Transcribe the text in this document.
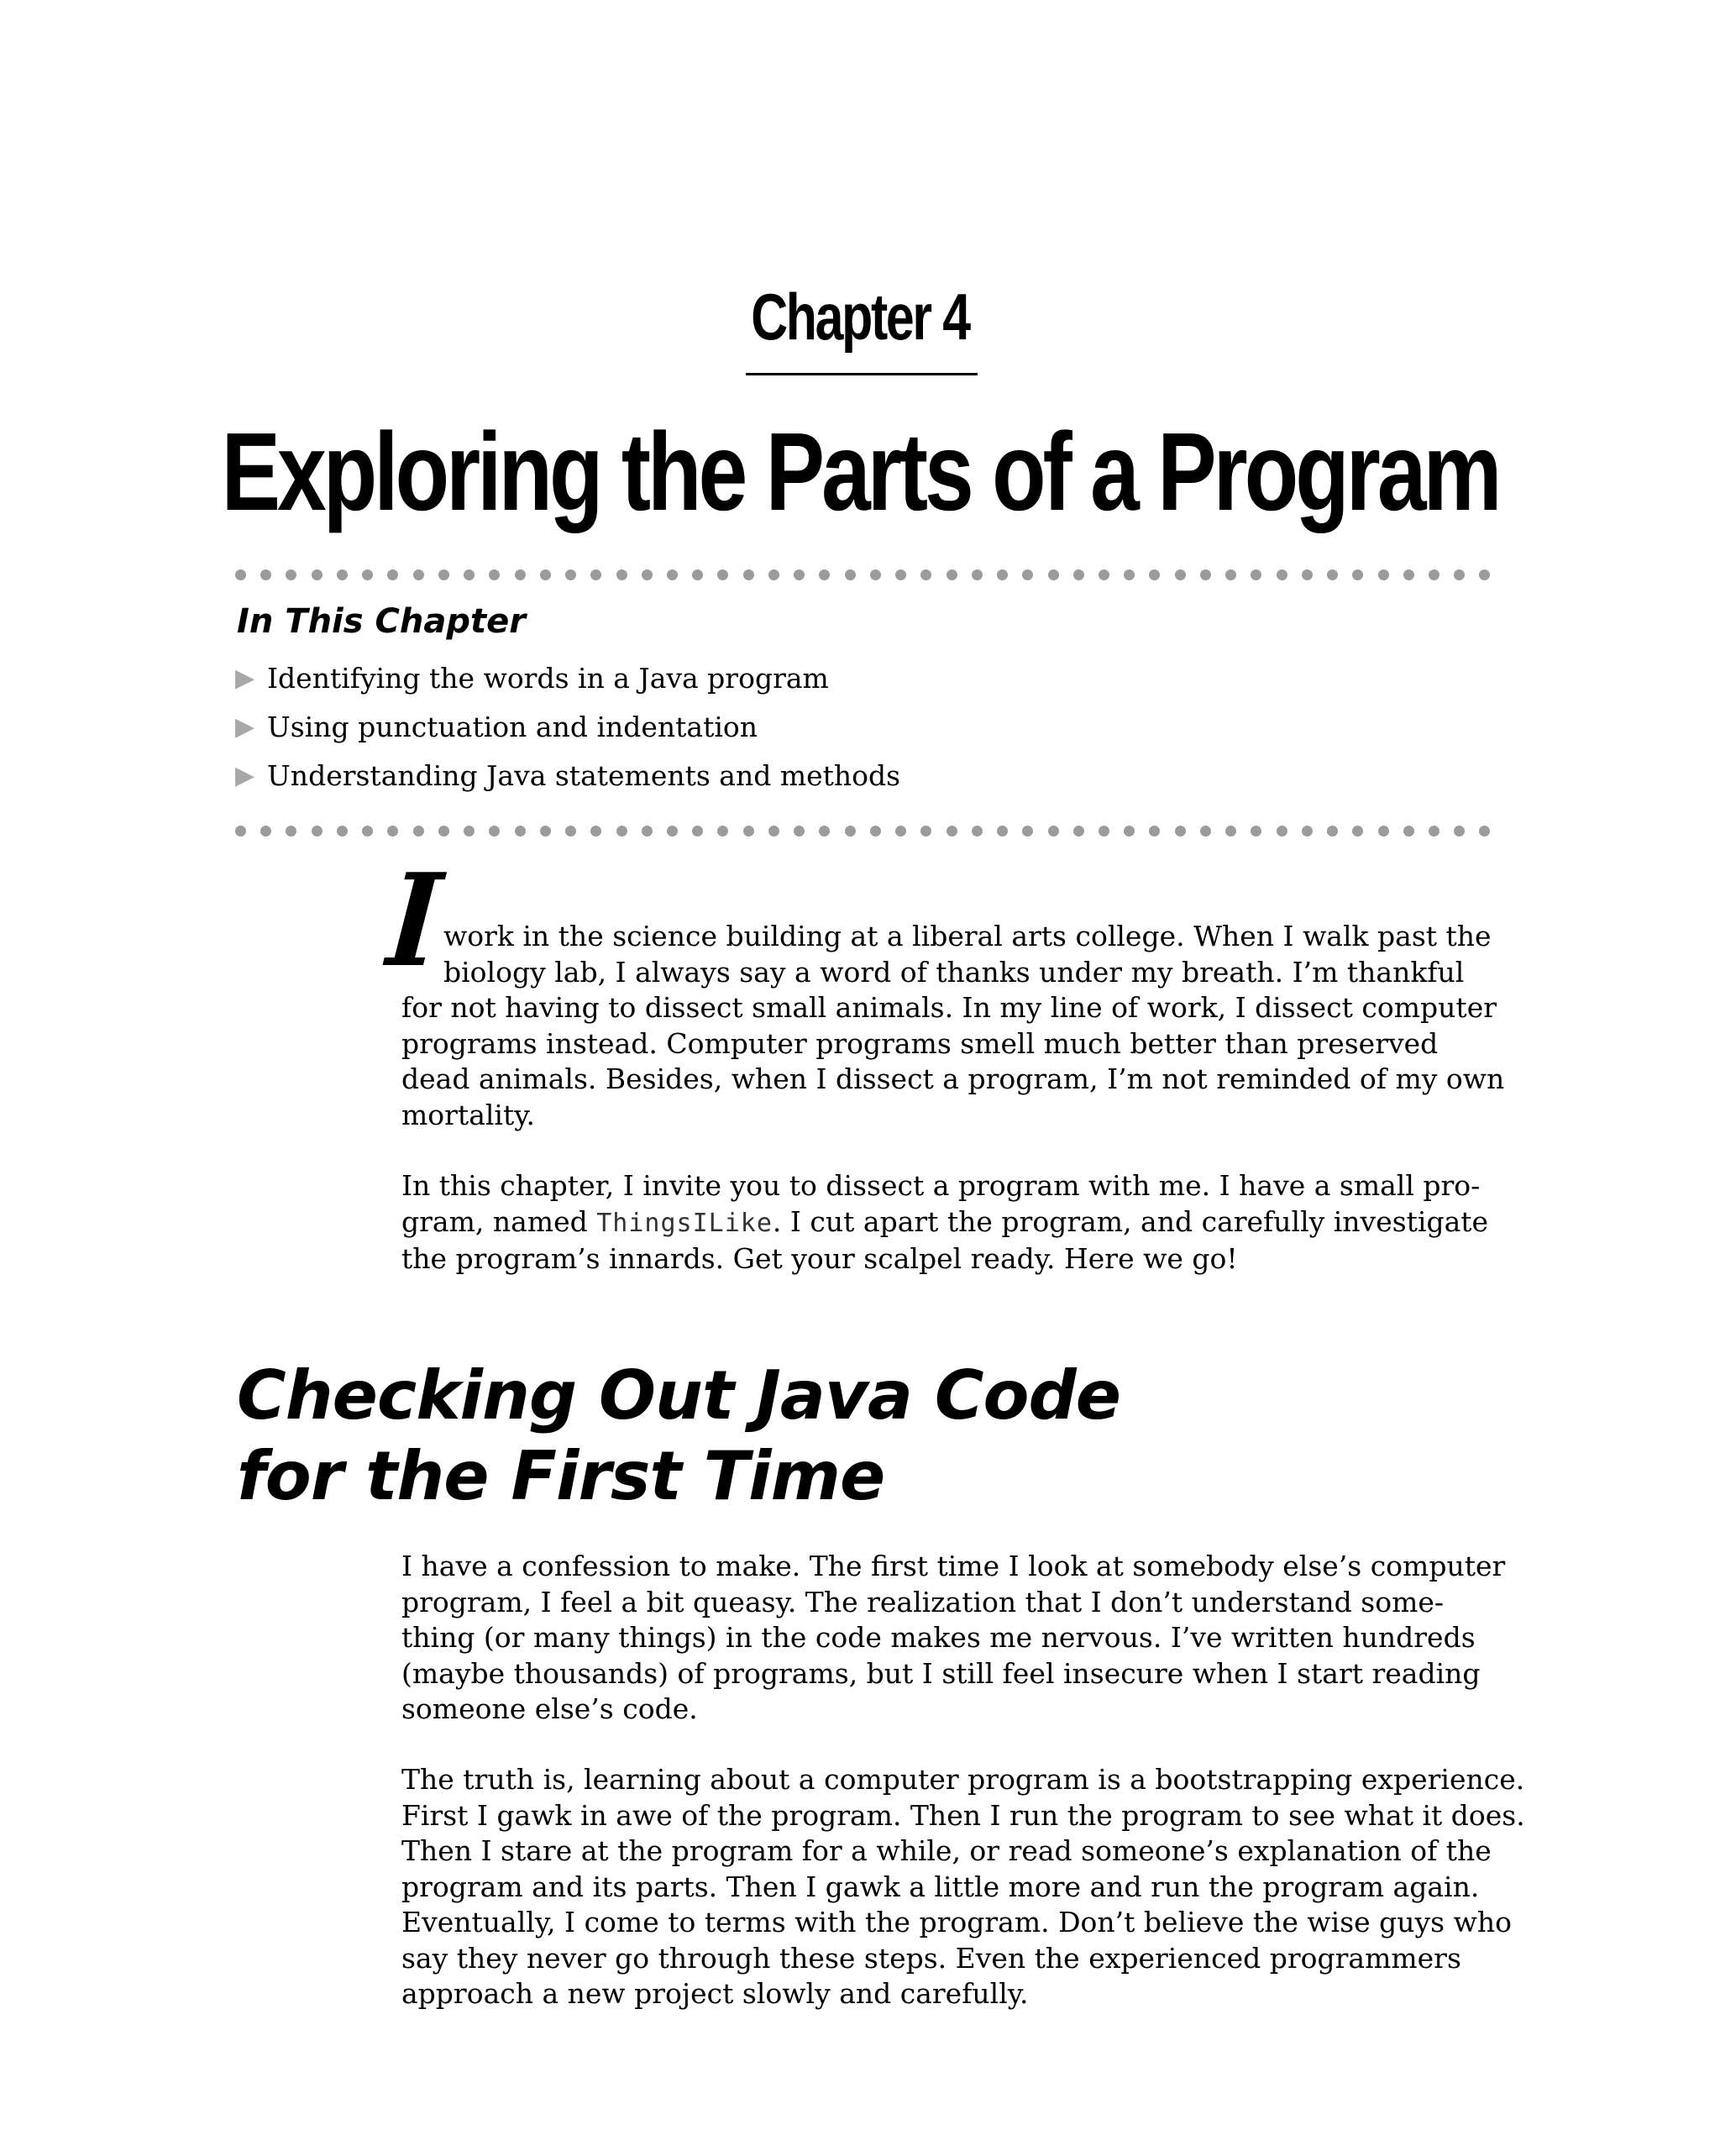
Chapter 4
Exploring the Parts of a Program
In This Chapter
▶ Identifying the words in a Java program
▶ Using punctuation and indentation
▶ Understanding Java statements and methods
I

work in the science building at a liberal arts college. When I walk past the
biology lab, I always say a word of thanks under my breath. I’m thankful
for not having to dissect small animals. In my line of work, I dissect computer
programs instead. Computer programs smell much better than preserved
dead animals. Besides, when I dissect a program, I’m not reminded of my own
mortality.

In this chapter, I invite you to dissect a program with me. I have a small pro-
gram, named ThingsILike. I cut apart the program, and carefully investigate
the program’s innards. Get your scalpel ready. Here we go!

Checking Out Java Code
for the First Time

I have a confession to make. The first time I look at somebody else’s computer
program, I feel a bit queasy. The realization that I don’t understand some-
thing (or many things) in the code makes me nervous. I’ve written hundreds
(maybe thousands) of programs, but I still feel insecure when I start reading
someone else’s code.

The truth is, learning about a computer program is a bootstrapping experience.
First I gawk in awe of the program. Then I run the program to see what it does.
Then I stare at the program for a while, or read someone’s explanation of the
program and its parts. Then I gawk a little more and run the program again.
Eventually, I come to terms with the program. Don’t believe the wise guys who
say they never go through these steps. Even the experienced programmers
approach a new project slowly and carefully.
